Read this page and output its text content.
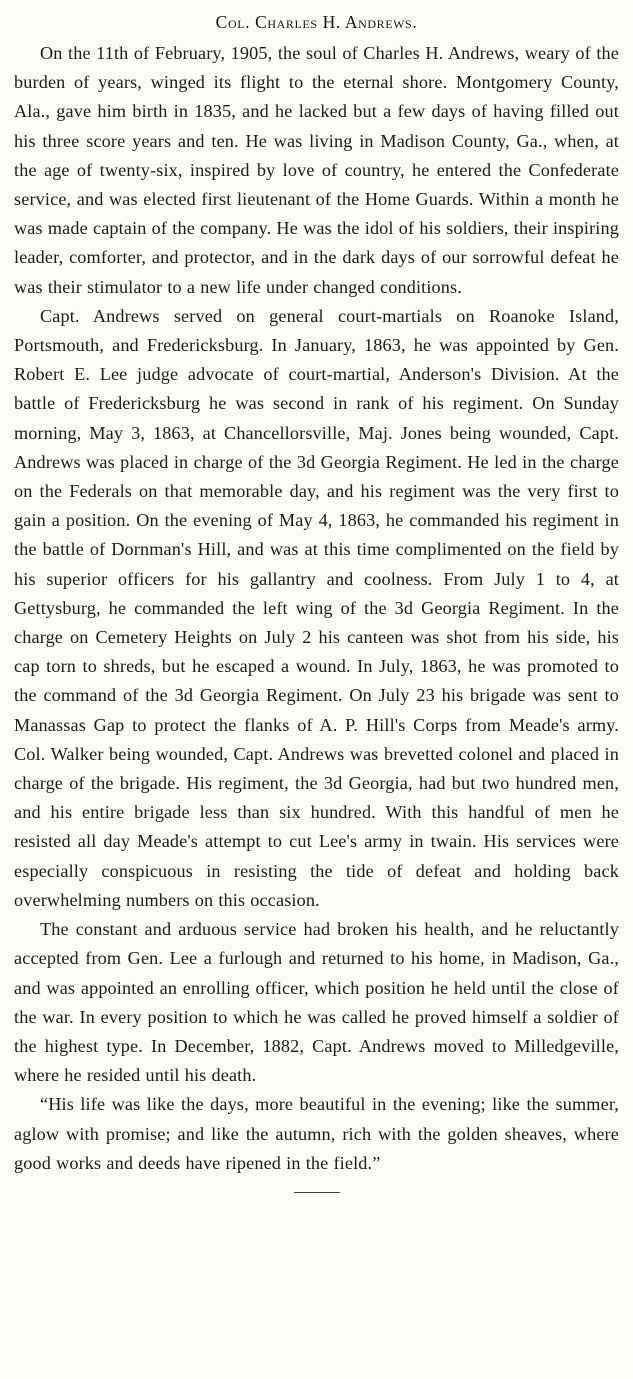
Col. Charles H. Andrews.

On the 11th of February, 1905, the soul of Charles H. Andrews, weary of the burden of years, winged its flight to the eternal shore. Montgomery County, Ala., gave him birth in 1835, and he lacked but a few days of having filled out his three score years and ten. He was living in Madison County, Ga., when, at the age of twenty-six, inspired by love of country, he entered the Confederate service, and was elected first lieutenant of the Home Guards. Within a month he was made captain of the company. He was the idol of his soldiers, their inspiring leader, comforter, and protector, and in the dark days of our sorrowful defeat he was their stimulator to a new life under changed conditions.

Capt. Andrews served on general court-martials on Roanoke Island, Portsmouth, and Fredericksburg. In January, 1863, he was appointed by Gen. Robert E. Lee judge advocate of court-martial, Anderson's Division. At the battle of Fredericksburg he was second in rank of his regiment. On Sunday morning, May 3, 1863, at Chancellorsville, Maj. Jones being wounded, Capt. Andrews was placed in charge of the 3d Georgia Regiment. He led in the charge on the Federals on that memorable day, and his regiment was the very first to gain a position. On the evening of May 4, 1863, he commanded his regiment in the battle of Dornman's Hill, and was at this time complimented on the field by his superior officers for his gallantry and coolness. From July 1 to 4, at Gettysburg, he commanded the left wing of the 3d Georgia Regiment. In the charge on Cemetery Heights on July 2 his canteen was shot from his side, his cap torn to shreds, but he escaped a wound. In July, 1863, he was promoted to the command of the 3d Georgia Regiment. On July 23 his brigade was sent to Manassas Gap to protect the flanks of A. P. Hill's Corps from Meade's army. Col. Walker being wounded, Capt. Andrews was brevetted colonel and placed in charge of the brigade. His regiment, the 3d Georgia, had but two hundred men, and his entire brigade less than six hundred. With this handful of men he resisted all day Meade's attempt to cut Lee's army in twain. His services were especially conspicuous in resisting the tide of defeat and holding back overwhelming numbers on this occasion.

The constant and arduous service had broken his health, and he reluctantly accepted from Gen. Lee a furlough and returned to his home, in Madison, Ga., and was appointed an enrolling officer, which position he held until the close of the war. In every position to which he was called he proved himself a soldier of the highest type. In December, 1882, Capt. Andrews moved to Milledgeville, where he resided until his death.

“His life was like the days, more beautiful in the evening; like the summer, aglow with promise; and like the autumn, rich with the golden sheaves, where good works and deeds have ripened in the field.”
